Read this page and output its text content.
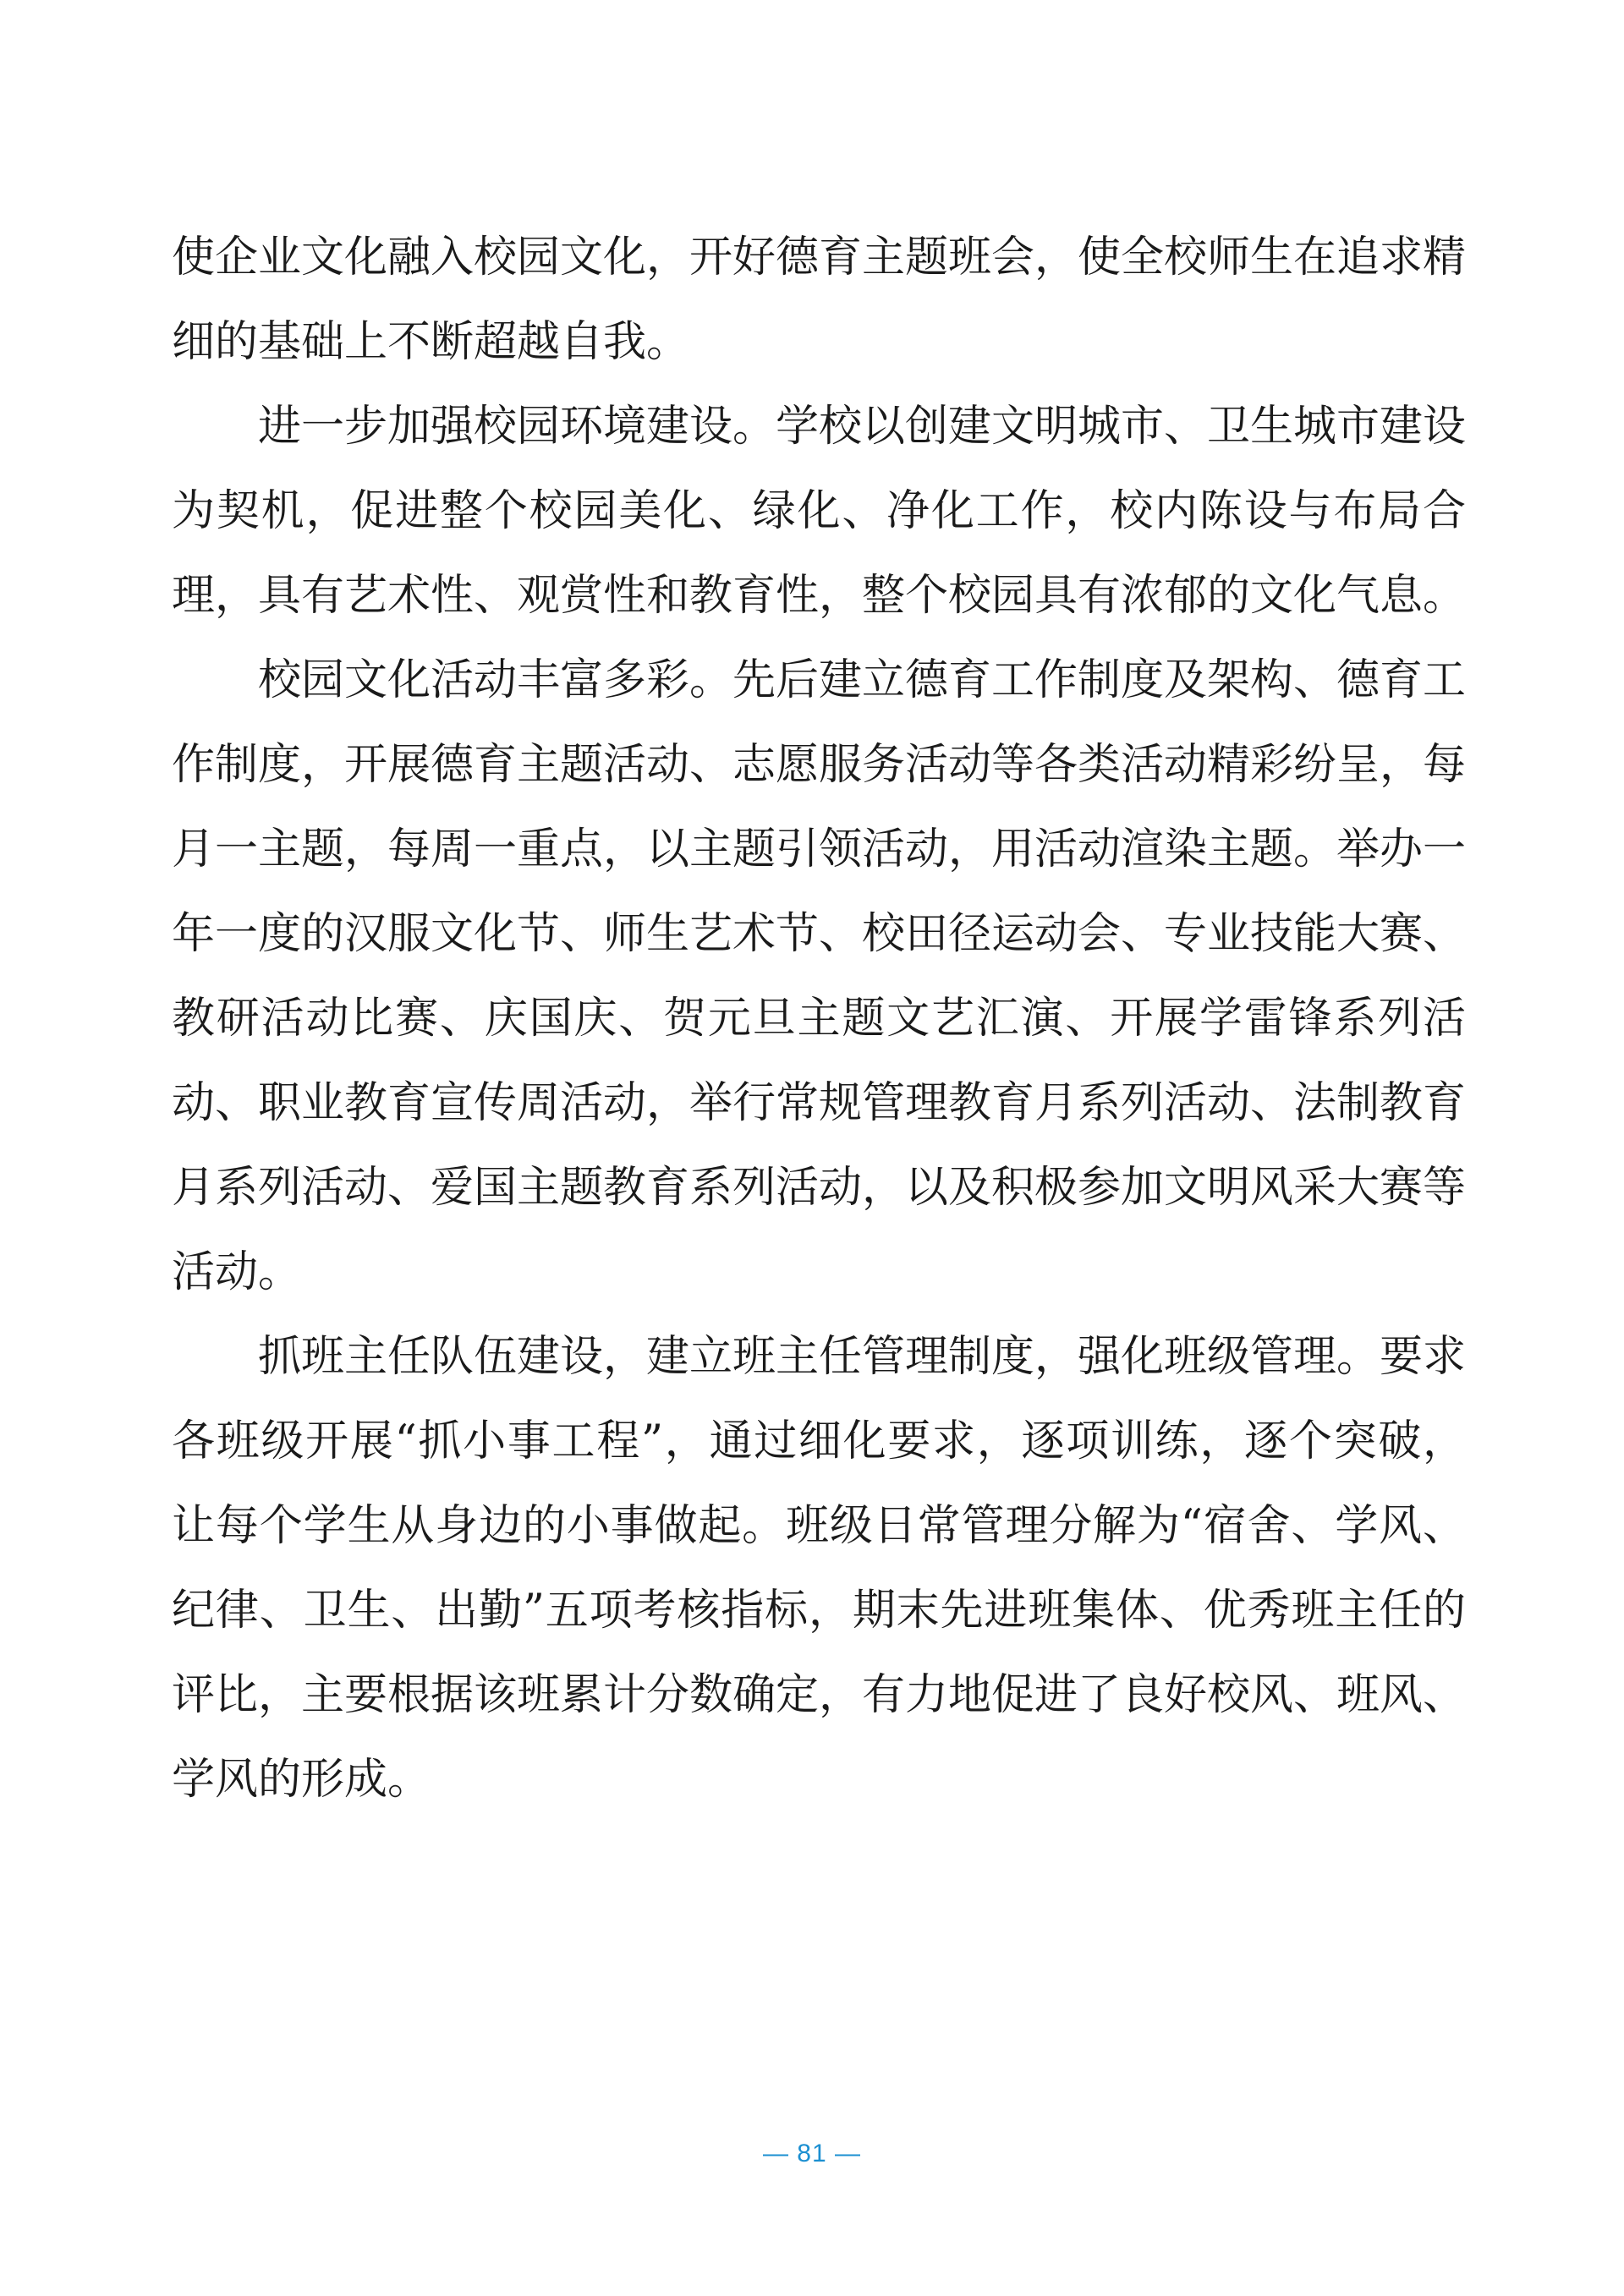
使企业文化融入校园文化，开好德育主题班会，使全校师生在追求精细的基础上不断超越自我。

进一步加强校园环境建设。学校以创建文明城市、卫生城市建设为契机，促进整个校园美化、绿化、净化工作，校内陈设与布局合理，具有艺术性、观赏性和教育性，整个校园具有浓郁的文化气息。

校园文化活动丰富多彩。先后建立德育工作制度及架构、德育工作制度，开展德育主题活动、志愿服务活动等各类活动精彩纷呈，每月一主题，每周一重点，以主题引领活动，用活动渲染主题。举办一年一度的汉服文化节、师生艺术节、校田径运动会、专业技能大赛、教研活动比赛、庆国庆、贺元旦主题文艺汇演、开展学雷锋系列活动、职业教育宣传周活动，举行常规管理教育月系列活动、法制教育月系列活动、爱国主题教育系列活动，以及积极参加文明风采大赛等活动。

抓班主任队伍建设，建立班主任管理制度，强化班级管理。要求各班级开展“抓小事工程”，通过细化要求，逐项训练，逐个突破，让每个学生从身边的小事做起。班级日常管理分解为“宿舍、学风、纪律、卫生、出勤”五项考核指标，期末先进班集体、优秀班主任的评比，主要根据该班累计分数确定，有力地促进了良好校风、班风、学风的形成。

— 81 —
